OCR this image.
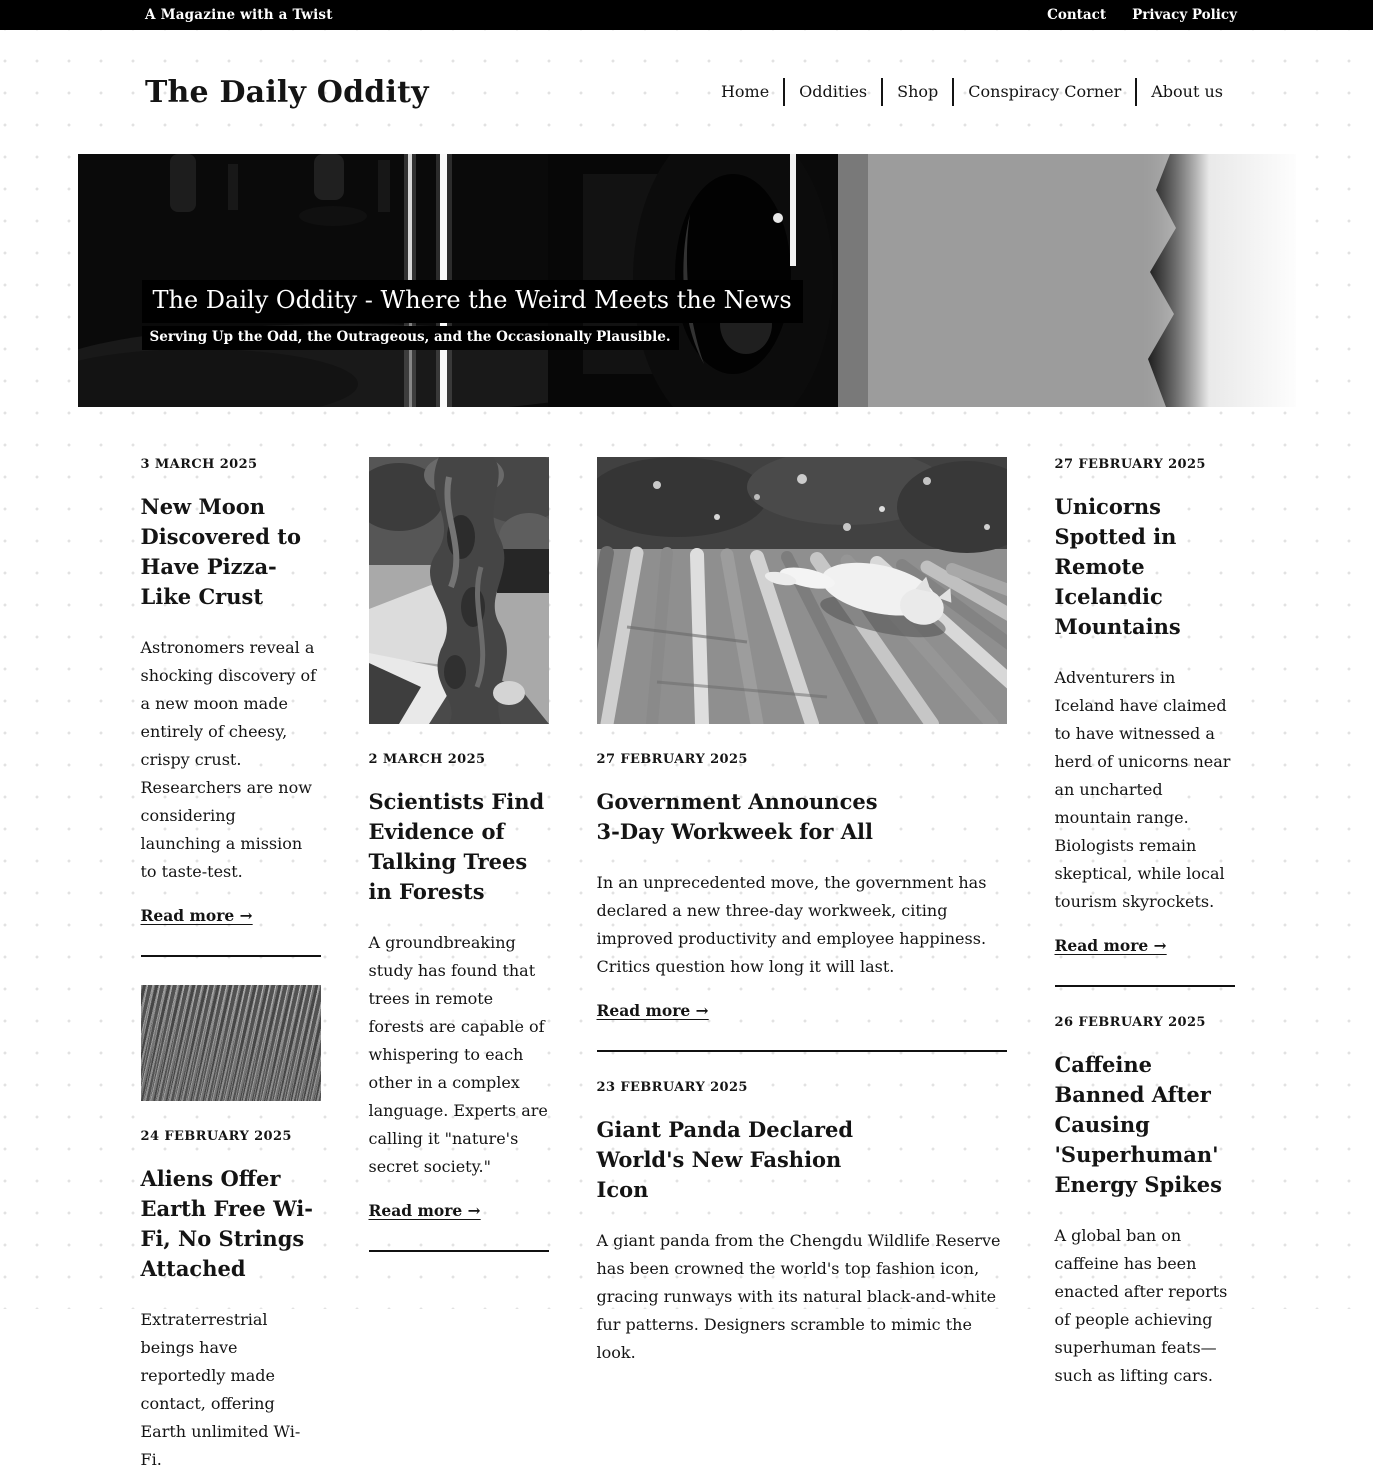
A Magazine with a Twist	Contact Privacy Policy
The Daily Oddity	Home	Oddities	Shop	Conspiracy Corner	About us
The Daily Oddity - Where the Weird Meets the News
Serving Up the Odd, the Outrageous, and the Occasionally Plausible.
3 MARCH 2025
New Moon Discovered to Have Pizza-Like Crust

Astronomers reveal a shocking discovery of a new moon made entirely of cheesy, crispy crust. Researchers are now considering launching a mission to taste-test.

Read more →
24 FEBRUARY 2025
Aliens Offer Earth Free Wi-Fi, No Strings Attached

Extraterrestrial beings have reportedly made contact, offering Earth unlimited Wi-Fi.

2 MARCH 2025
Scientists Find Evidence of Talking Trees in Forests

A groundbreaking study has found that trees in remote forests are capable of whispering to each other in a complex language. Experts are calling it "nature's secret society."

Read more →
27 FEBRUARY 2025
Government Announces 3-Day Workweek for All

In an unprecedented move, the government has declared a new three-day workweek, citing improved productivity and employee happiness. Critics question how long it will last.

Read more →
23 FEBRUARY 2025
Giant Panda Declared World's New Fashion Icon

A giant panda from the Chengdu Wildlife Reserve has been crowned the world's top fashion icon, gracing runways with its natural black-and-white fur patterns. Designers scramble to mimic the look.

27 FEBRUARY 2025
Unicorns Spotted in Remote Icelandic Mountains

Adventurers in Iceland have claimed to have witnessed a herd of unicorns near an uncharted mountain range. Biologists remain skeptical, while local tourism skyrockets.

Read more →
26 FEBRUARY 2025
Caffeine Banned After Causing 'Superhuman' Energy Spikes

A global ban on caffeine has been enacted after reports of people achieving superhuman feats—such as lifting cars.
